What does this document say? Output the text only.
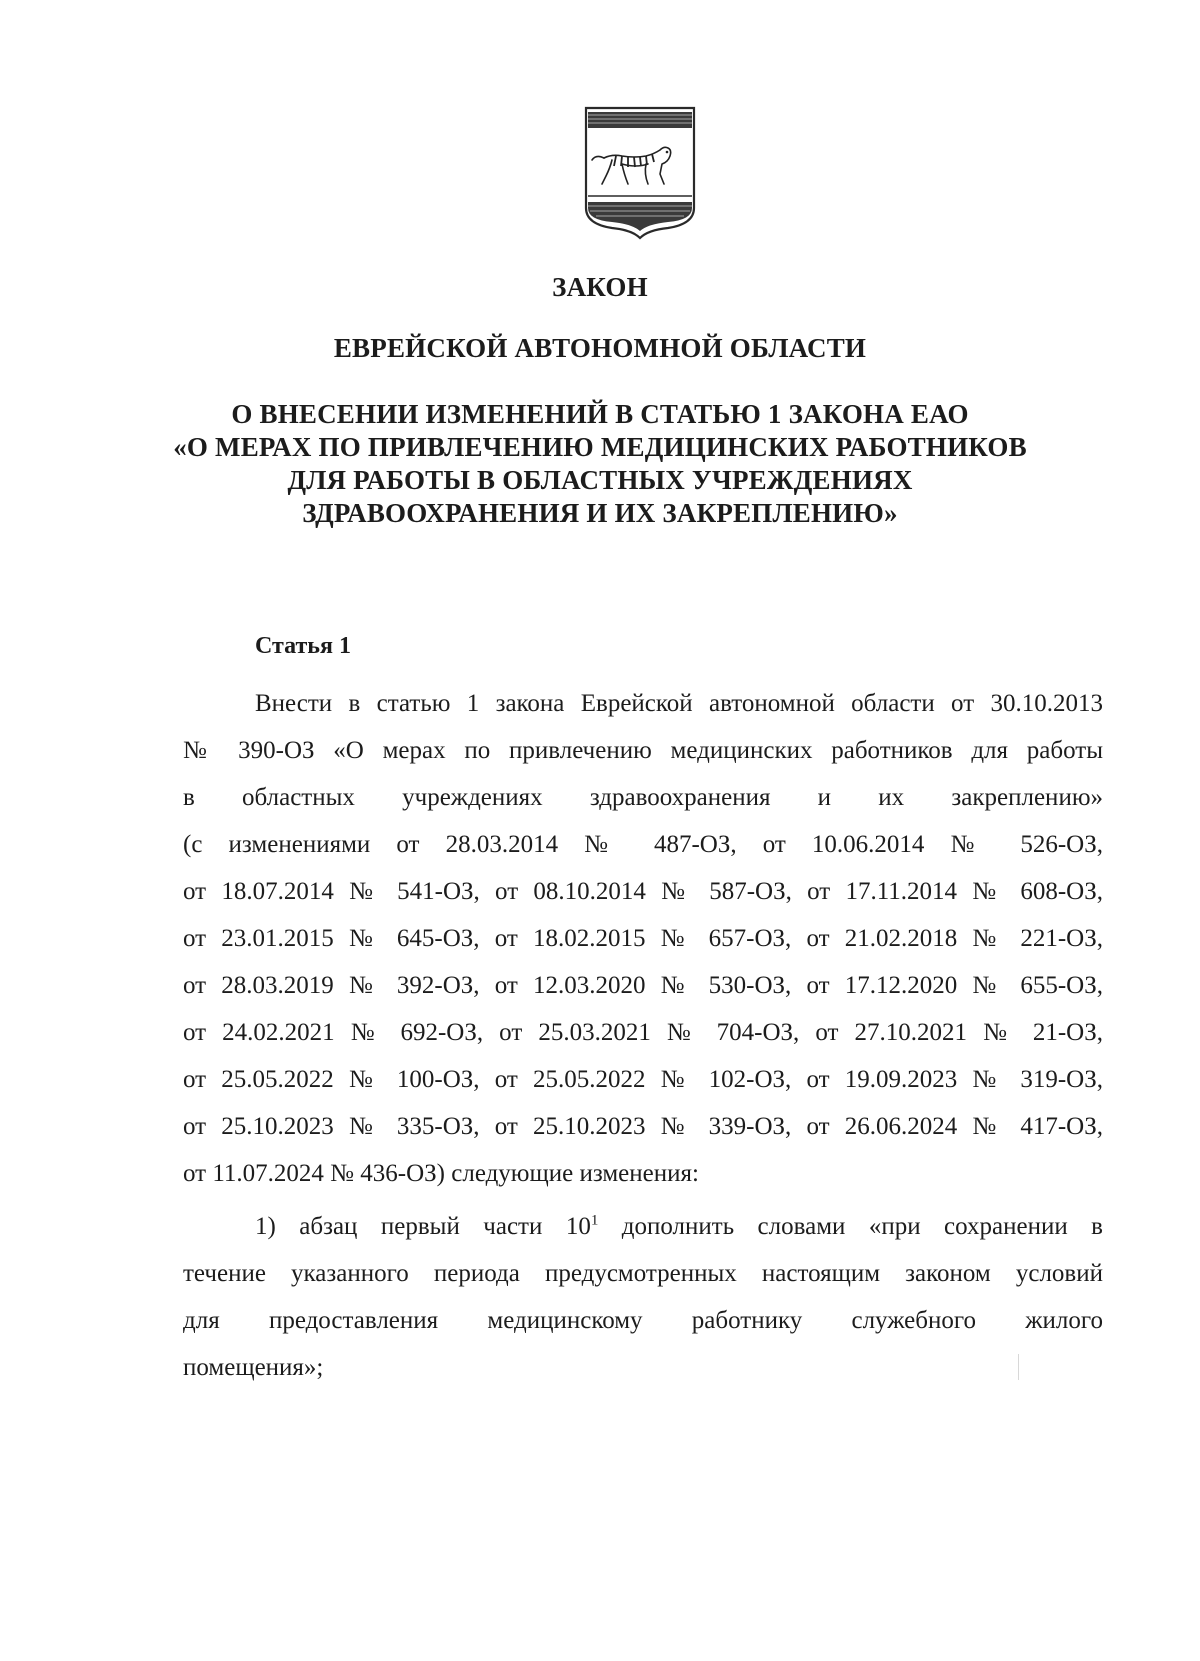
ЗАКОН
ЕВРЕЙСКОЙ АВТОНОМНОЙ ОБЛАСТИ
О ВНЕСЕНИИ ИЗМЕНЕНИЙ В СТАТЬЮ 1 ЗАКОНА ЕАО
«О МЕРАХ ПО ПРИВЛЕЧЕНИЮ МЕДИЦИНСКИХ РАБОТНИКОВ
ДЛЯ РАБОТЫ В ОБЛАСТНЫХ УЧРЕЖДЕНИЯХ
ЗДРАВООХРАНЕНИЯ И ИХ ЗАКРЕПЛЕНИЮ»
Статья 1
Внести в статью 1 закона Еврейской автономной области от 30.10.2013
№ 390-ОЗ «О мерах по привлечению медицинских работников для работы
в областных учреждениях здравоохранения и их закреплению»
(с изменениями от 28.03.2014 № 487-ОЗ, от 10.06.2014 № 526-ОЗ,
от 18.07.2014 № 541-ОЗ, от 08.10.2014 № 587-ОЗ, от 17.11.2014 № 608-ОЗ,
от 23.01.2015 № 645-ОЗ, от 18.02.2015 № 657-ОЗ, от 21.02.2018 № 221-ОЗ,
от 28.03.2019 № 392-ОЗ, от 12.03.2020 № 530-ОЗ, от 17.12.2020 № 655-ОЗ,
от 24.02.2021 № 692-ОЗ, от 25.03.2021 № 704-ОЗ, от 27.10.2021 № 21-ОЗ,
от 25.05.2022 № 100-ОЗ, от 25.05.2022 № 102-ОЗ, от 19.09.2023 № 319-ОЗ,
от 25.10.2023 № 335-ОЗ, от 25.10.2023 № 339-ОЗ, от 26.06.2024 № 417-ОЗ,
от 11.07.2024 № 436-ОЗ) следующие изменения:
1) абзац первый части $10^1$ дополнить словами «при сохранении в
течение указанного периода предусмотренных настоящим законом условий
для предоставления медицинскому работнику служебного жилого
помещения»;
